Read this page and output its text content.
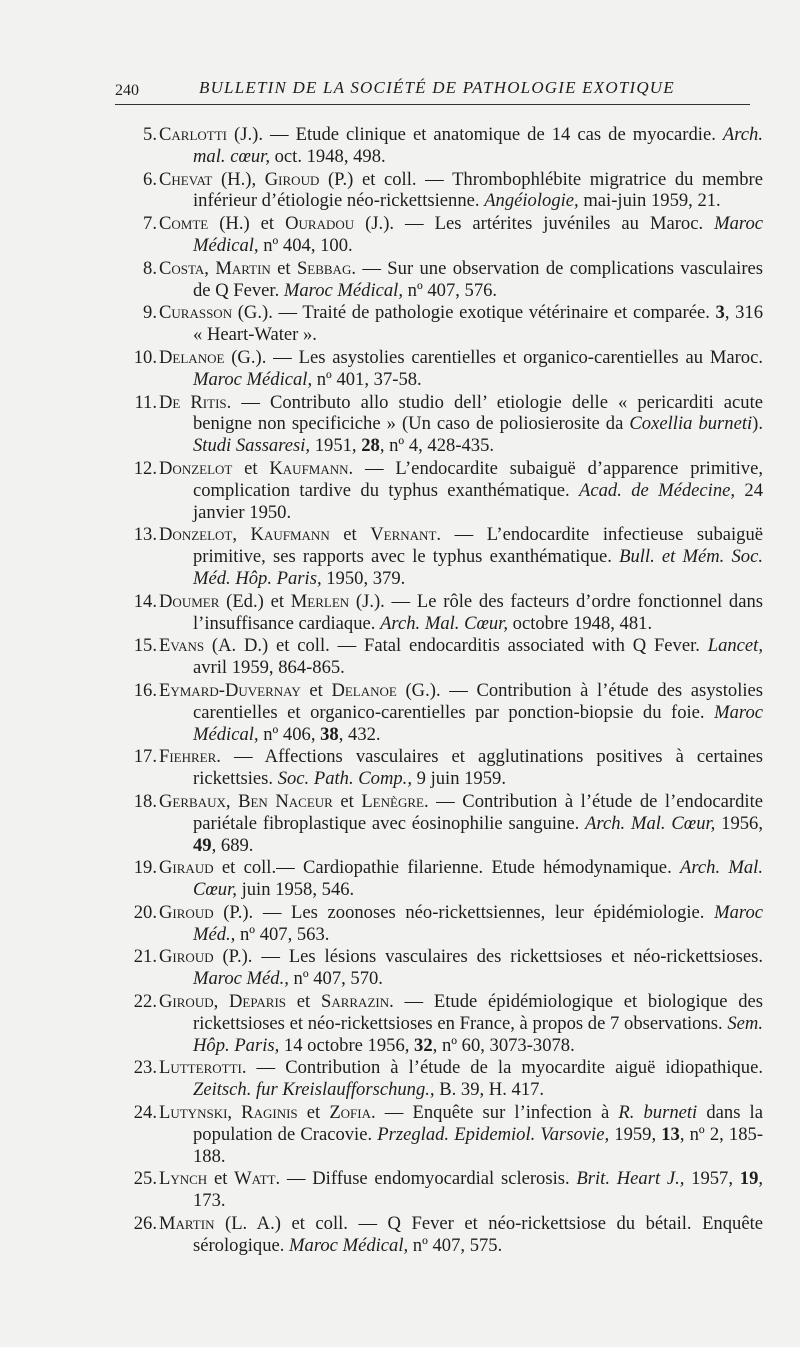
240	BULLETIN DE LA SOCIÉTÉ DE PATHOLOGIE EXOTIQUE
5 . Carlotti (J.). — Etude clinique et anatomique de 14 cas de myocardie. Arch. mal. cœur, oct. 1948, 498.
6 . Chevat (H.), Giroud (P.) et coll. — Thrombophlébite migratrice du membre inférieur d’étiologie néo-rickettsienne. Angéiologie, mai-juin 1959, 21.
7 . Comte (H.) et Ouradou (J.). — Les artérites juvéniles au Maroc. Maroc Médical, nº 404, 100.
8 . Costa, Martin et Sebbag. — Sur une observation de complications vasculaires de Q Fever. Maroc Médical, nº 407, 576.
9 . Curasson (G.). — Traité de pathologie exotique vétérinaire et comparée. 3, 316 « Heart-Water ».
10 . Delanoe (G.). — Les asystolies carentielles et organico-carentielles au Maroc. Maroc Médical, nº 401, 37-58.
11 . De Ritis. — Contributo allo studio dell’ etiologie delle « pericarditi acute benigne non specificiche » (Un caso de poliosierosite da Coxellia burneti). Studi Sassaresi, 1951, 28, nº 4, 428-435.
12 . Donzelot et Kaufmann. — L’endocardite subaiguë d’apparence primitive, complication tardive du typhus exanthématique. Acad. de Médecine, 24 janvier 1950.
13 . Donzelot, Kaufmann et Vernant. — L’endocardite infectieuse subaiguë primitive, ses rapports avec le typhus exanthématique. Bull. et Mém. Soc. Méd. Hôp. Paris, 1950, 379.
14 . Doumer (Ed.) et Merlen (J.). — Le rôle des facteurs d’ordre fonctionnel dans l’insuffisance cardiaque. Arch. Mal. Cœur, octobre 1948, 481.
15 . Evans (A. D.) et coll. — Fatal endocarditis associated with Q Fever. Lancet, avril 1959, 864-865.
16 . Eymard-Duvernay et Delanoe (G.). — Contribution à l’étude des asystolies carentielles et organico-carentielles par ponction-biopsie du foie. Maroc Médical, nº 406, 38, 432.
17 . Fiehrer. — Affections vasculaires et agglutinations positives à certaines rickettsies. Soc. Path. Comp., 9 juin 1959.
18 . Gerbaux, Ben Naceur et Lenègre. — Contribution à l’étude de l’endocardite pariétale fibroplastique avec éosinophilie sanguine. Arch. Mal. Cœur, 1956, 49, 689.
19 . Giraud et coll.— Cardiopathie filarienne. Etude hémodynamique. Arch. Mal. Cœur, juin 1958, 546.
20 . Giroud (P.). — Les zoonoses néo-rickettsiennes, leur épidémiologie. Maroc Méd., nº 407, 563.
21 . Giroud (P.). — Les lésions vasculaires des rickettsioses et néo-rickettsioses. Maroc Méd., nº 407, 570.
22 . Giroud, Deparis et Sarrazin. — Etude épidémiologique et biologique des rickettsioses et néo-rickettsioses en France, à propos de 7 observations. Sem. Hôp. Paris, 14 octobre 1956, 32, nº 60, 3073-3078.
23 . Lutterotti. — Contribution à l’étude de la myocardite aiguë idiopathique. Zeitsch. fur Kreislaufforschung., B. 39, H. 417.
24 . Lutynski, Raginis et Zofia. — Enquête sur l’infection à R. burneti dans la population de Cracovie. Przeglad. Epidemiol. Varsovie, 1959, 13, nº 2, 185-188.
25 . Lynch et Watt. — Diffuse endomyocardial sclerosis. Brit. Heart J., 1957, 19, 173.
26 . Martin (L. A.) et coll. — Q Fever et néo-rickettsiose du bétail. Enquête sérologique. Maroc Médical, nº 407, 575.
